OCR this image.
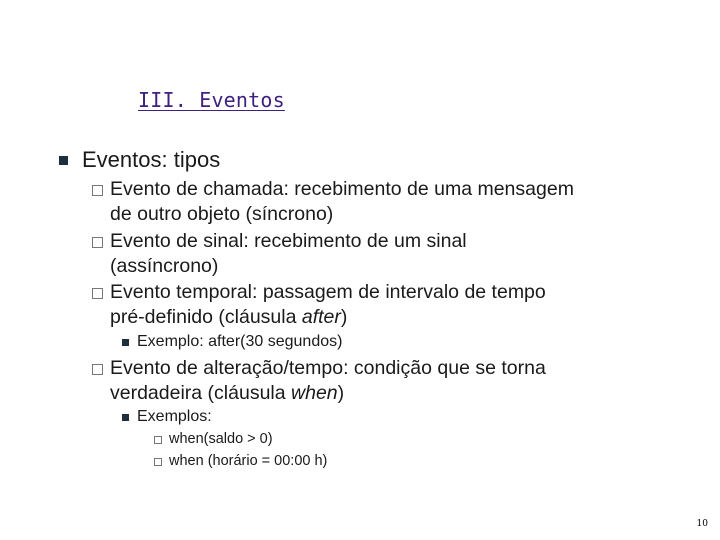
III. Eventos
Eventos: tipos
Evento de chamada: recebimento de uma mensagem
de outro objeto (síncrono)
Evento de sinal: recebimento de um sinal
(assíncrono)
Evento temporal: passagem de intervalo de tempo
pré-definido (cláusula after)
Exemplo: after(30 segundos)
Evento de alteração/tempo: condição que se torna
verdadeira (cláusula when)
Exemplos:
when(saldo > 0)
when (horário = 00:00 h)
10
